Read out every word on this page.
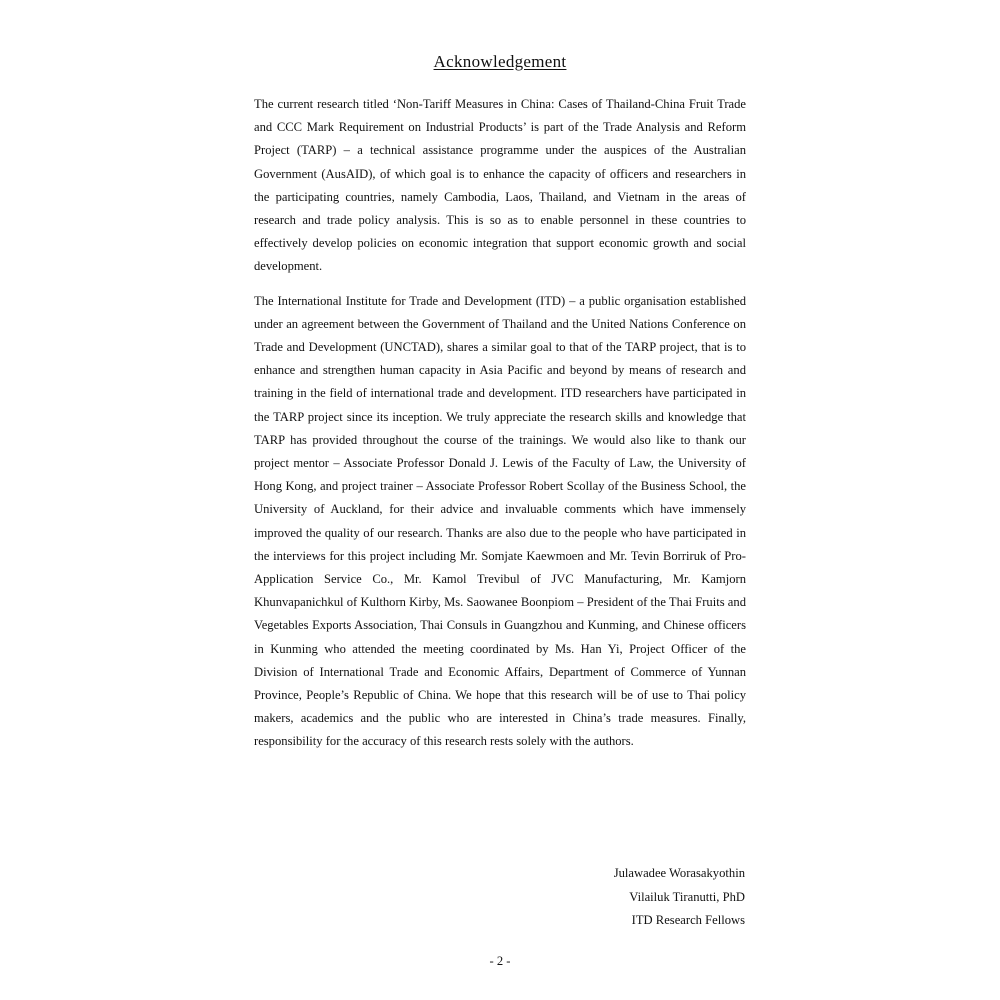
Acknowledgement

The current research titled ‘Non-Tariff Measures in China: Cases of Thailand-China Fruit Trade and CCC Mark Requirement on Industrial Products’ is part of the Trade Analysis and Reform Project (TARP) – a technical assistance programme under the auspices of the Australian Government (AusAID), of which goal is to enhance the capacity of officers and researchers in the participating countries, namely Cambodia, Laos, Thailand, and Vietnam in the areas of research and trade policy analysis. This is so as to enable personnel in these countries to effectively develop policies on economic integration that support economic growth and social development.

The International Institute for Trade and Development (ITD) – a public organisation established under an agreement between the Government of Thailand and the United Nations Conference on Trade and Development (UNCTAD), shares a similar goal to that of the TARP project, that is to enhance and strengthen human capacity in Asia Pacific and beyond by means of research and training in the field of international trade and development. ITD researchers have participated in the TARP project since its inception. We truly appreciate the research skills and knowledge that TARP has provided throughout the course of the trainings. We would also like to thank our project mentor – Associate Professor Donald J. Lewis of the Faculty of Law, the University of Hong Kong, and project trainer – Associate Professor Robert Scollay of the Business School, the University of Auckland, for their advice and invaluable comments which have immensely improved the quality of our research. Thanks are also due to the people who have participated in the interviews for this project including Mr. Somjate Kaewmoen and Mr. Tevin Borriruk of Pro-Application Service Co., Mr. Kamol Trevibul of JVC Manufacturing, Mr. Kamjorn Khunvapanichkul of Kulthorn Kirby, Ms. Saowanee Boonpiom – President of the Thai Fruits and Vegetables Exports Association, Thai Consuls in Guangzhou and Kunming, and Chinese officers in Kunming who attended the meeting coordinated by Ms. Han Yi, Project Officer of the Division of International Trade and Economic Affairs, Department of Commerce of Yunnan Province, People’s Republic of China. We hope that this research will be of use to Thai policy makers, academics and the public who are interested in China’s trade measures. Finally, responsibility for the accuracy of this research rests solely with the authors.

Julawadee Worasakyothin
Vilailuk Tiranutti, PhD
ITD Research Fellows
- 2 -
